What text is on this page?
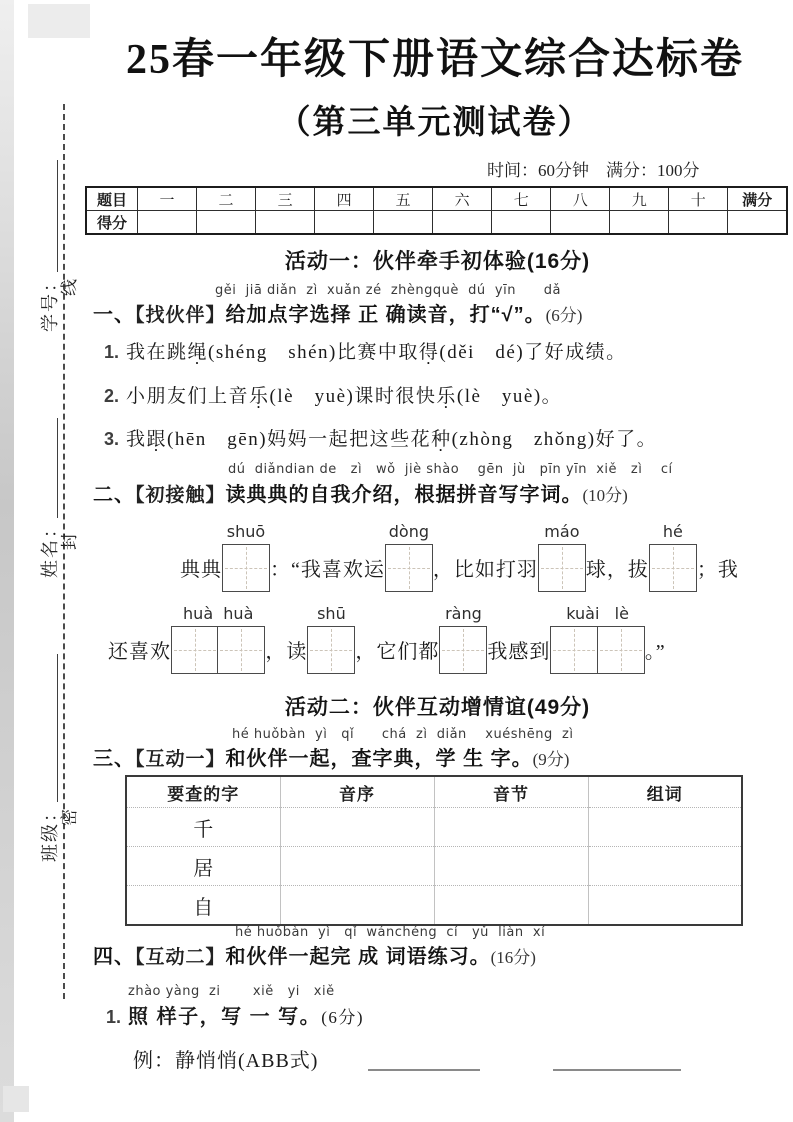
学号：
姓名：
班级：
线
封
密
25春一年级下册语文综合达标卷
（第三单元测试卷）
时间：60分钟　满分：100分
题目	一	二	三	四	五	六	七	八	九	十	满分
得分											
活动一：伙伴牵手初体验(16分)
gěi  jiā diǎn  zì  xuǎn zé  zhèngquè  dú  yīn      dǎ
一、【找伙伴】给加点字选择 正 确读音，打“√”。(6分)
1. 我在跳绳(shéng　shén)比赛中取得(děi　dé)了好成绩。
2. 小朋友们上音乐(lè　yuè)课时很快乐(lè　yuè)。
3. 我跟(hēn　gēn)妈妈一起把这些花种(zhòng　zhǒng)好了。
dú  diǎndian de   zì   wǒ  jiè shào    gēn  jù   pīn yīn  xiě   zì    cí
二、【初接触】读典典的自我介绍，根据拼音写字词。(10分)
典典
shuō
：“我喜欢运
dòng
，比如打羽
máo
球，拔
hé
；我
还喜欢
huà  huà
，读
shū
，它们都
ràng
我感到
kuài   lè
。”
活动二：伙伴互动增情谊(49分)
hé huǒbàn  yì   qǐ      chá  zì  diǎn    xuéshēng  zì
三、【互动一】和伙伴一起，查字典，学 生 字。(9分)
要查的字	音序	音节	组词
千			
居			
自			
hé huǒbàn  yì   qǐ  wánchéng  cí   yǔ  liàn  xí
四、【互动二】和伙伴一起完 成 词语练习。(16分)
zhào yàng  zi       xiě   yi   xiě
1. 照 样子，写 一 写。(6分)
例：静悄悄(ABB式)
